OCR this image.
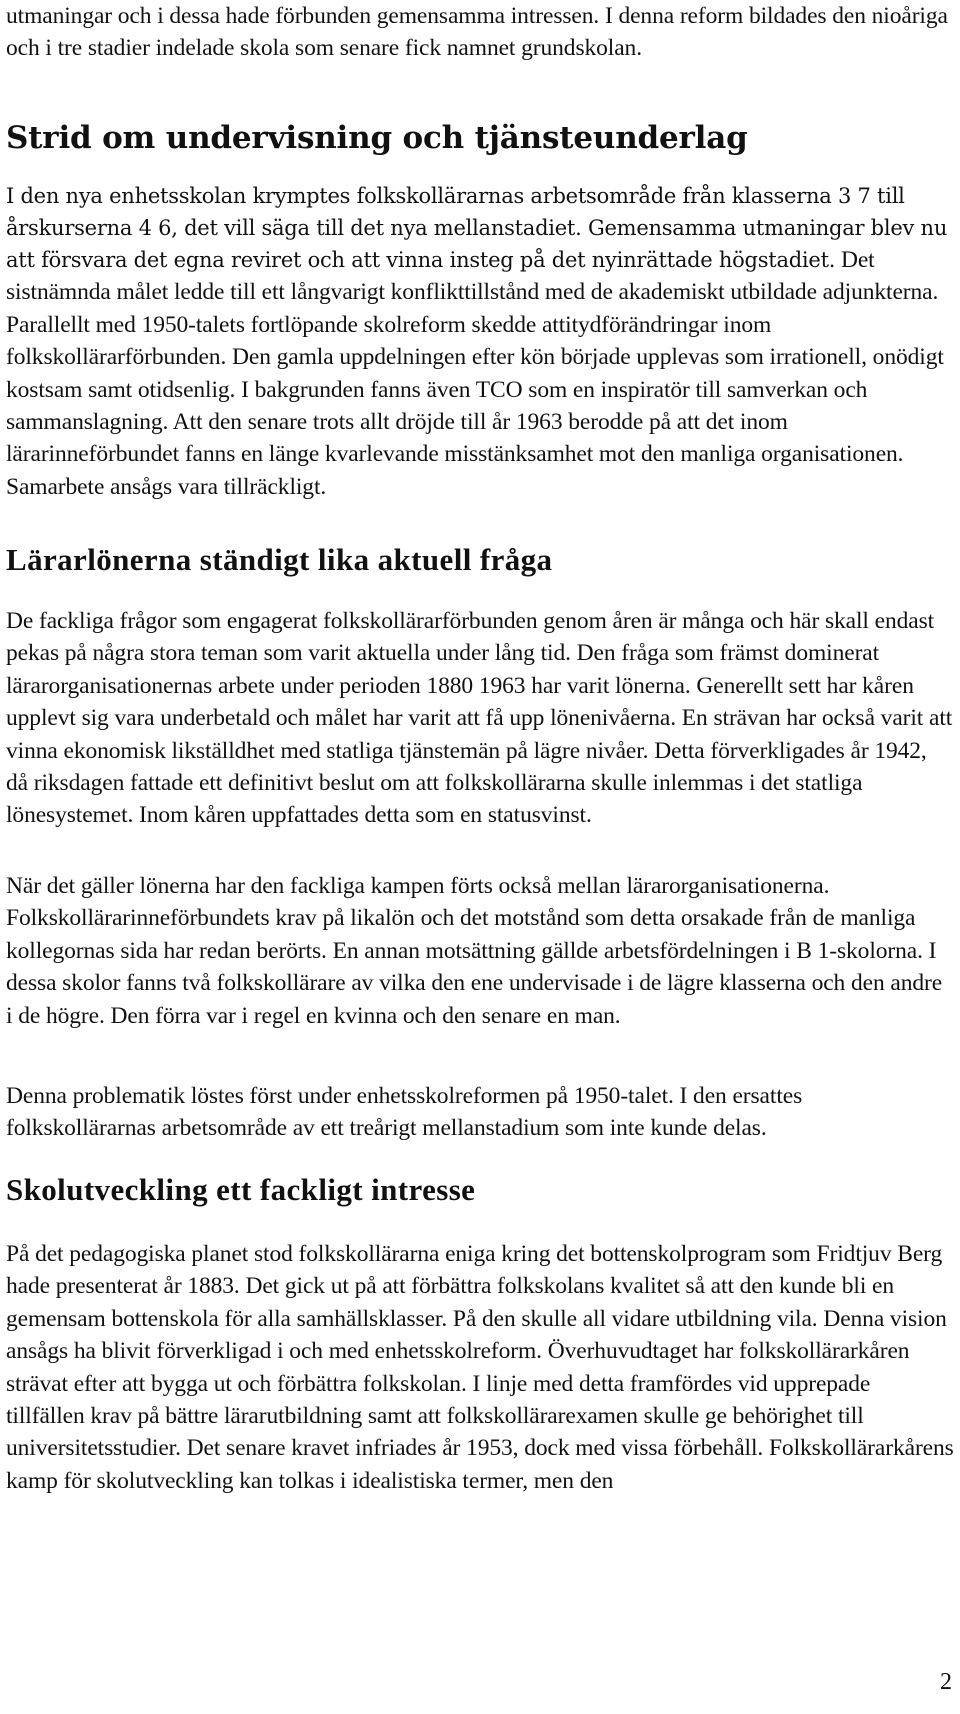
utmaningar och i dessa hade förbunden gemensamma intressen. I denna reform bildades den nioåriga och i tre stadier indelade skola som senare fick namnet grundskolan.

Strid om undervisning och tjänsteunderlag

I den nya enhetsskolan krymptes folkskollärarnas arbetsområde från klasserna 3 7 till årskurserna 4 6, det vill säga till det nya mellanstadiet. Gemensamma utmaningar blev nu att försvara det egna reviret och att vinna insteg på det nyinrättade högstadiet. Det sistnämnda målet ledde till ett långvarigt konflikttillstånd med de akademiskt utbildade adjunkterna. Parallellt med 1950-talets fortlöpande skolreform skedde attitydförändringar inom folkskollärarförbunden. Den gamla uppdelningen efter kön började upplevas som irrationell, onödigt kostsam samt otidsenlig. I bakgrunden fanns även TCO som en inspiratör till samverkan och sammanslagning. Att den senare trots allt dröjde till år 1963 berodde på att det inom lärarinneförbundet fanns en länge kvarlevande misstänksamhet mot den manliga organisationen. Samarbete ansågs vara tillräckligt.

Lärarlönerna ständigt lika aktuell fråga

De fackliga frågor som engagerat folkskollärarförbunden genom åren är många och här skall endast pekas på några stora teman som varit aktuella under lång tid. Den fråga som främst dominerat lärarorganisationernas arbete under perioden 1880 1963 har varit lönerna. Generellt sett har kåren upplevt sig vara underbetald och målet har varit att få upp lönenivåerna. En strävan har också varit att vinna ekonomisk likställdhet med statliga tjänstemän på lägre nivåer. Detta förverkligades år 1942, då riksdagen fattade ett definitivt beslut om att folkskollärarna skulle inlemmas i det statliga lönesystemet. Inom kåren uppfattades detta som en statusvinst.

När det gäller lönerna har den fackliga kampen förts också mellan lärarorganisationerna. Folkskollärarinneförbundets krav på likalön och det motstånd som detta orsakade från de manliga kollegornas sida har redan berörts. En annan motsättning gällde arbetsfördelningen i B 1-skolorna. I dessa skolor fanns två folkskollärare av vilka den ene undervisade i de lägre klasserna och den andre i de högre. Den förra var i regel en kvinna och den senare en man.

Denna problematik löstes först under enhetsskolreformen på 1950-talet. I den ersattes folkskollärarnas arbetsområde av ett treårigt mellanstadium som inte kunde delas.

Skolutveckling ett fackligt intresse

På det pedagogiska planet stod folkskollärarna eniga kring det bottenskolprogram som Fridtjuv Berg hade presenterat år 1883. Det gick ut på att förbättra folkskolans kvalitet så att den kunde bli en gemensam bottenskola för alla samhällsklasser. På den skulle all vidare utbildning vila. Denna vision ansågs ha blivit förverkligad i och med enhetsskolreform. Överhuvudtaget har folkskollärarkåren strävat efter att bygga ut och förbättra folkskolan. I linje med detta framfördes vid upprepade tillfällen krav på bättre lärarutbildning samt att folkskollärarexamen skulle ge behörighet till universitetsstudier. Det senare kravet infriades år 1953, dock med vissa förbehåll. Folkskollärarkårens kamp för skolutveckling kan tolkas i idealistiska termer, men den

2
